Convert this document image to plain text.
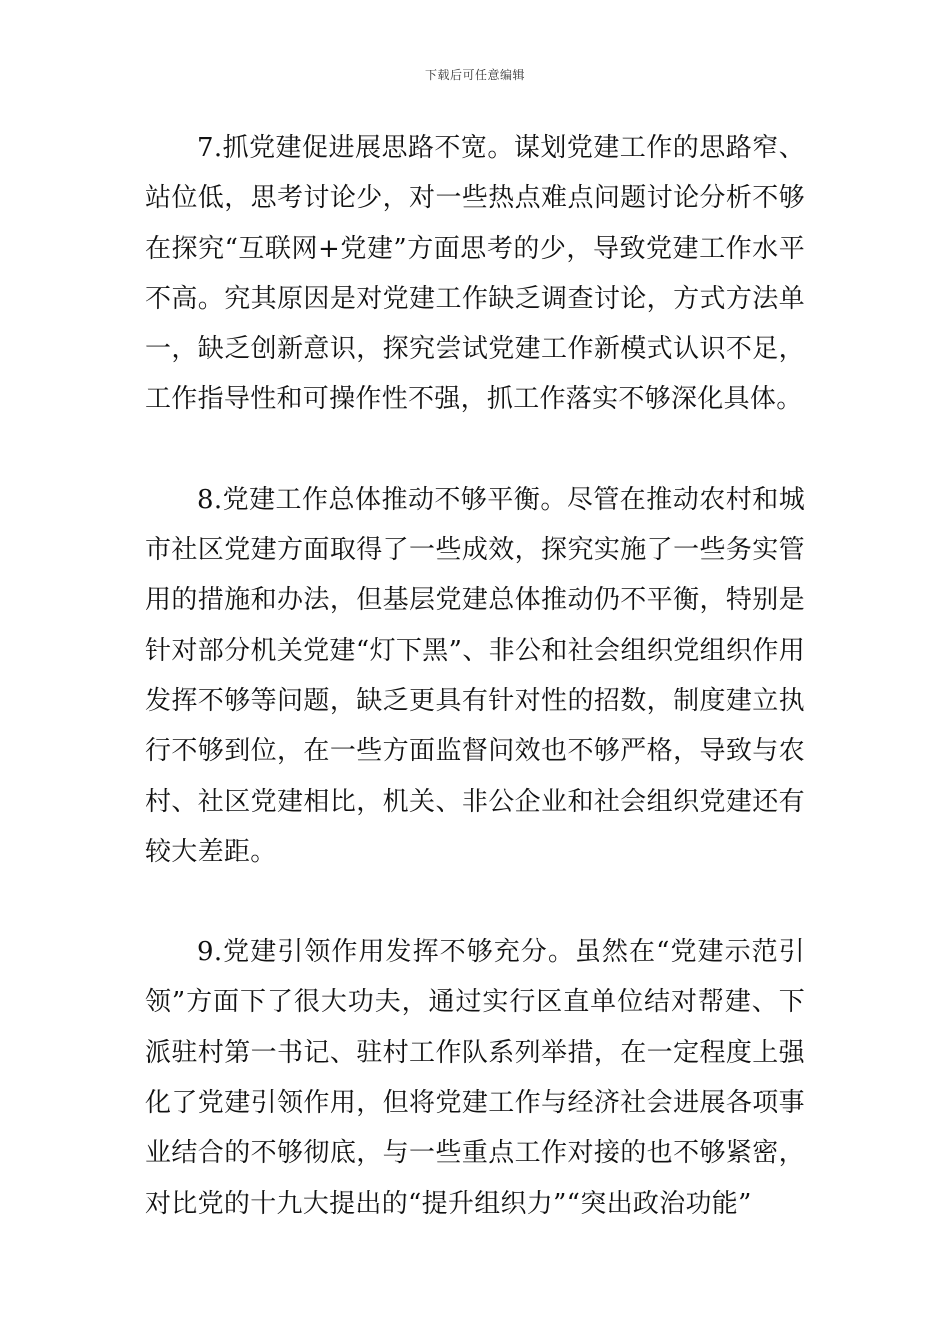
下载后可任意编辑

7.抓党建促进展思路不宽。谋划党建工作的思路窄、站位低，思考讨论少，对一些热点难点问题讨论分析不够在探究“互联网+党建”方面思考的少，导致党建工作水平不高。究其原因是对党建工作缺乏调查讨论，方式方法单一，缺乏创新意识，探究尝试党建工作新模式认识不足，工作指导性和可操作性不强，抓工作落实不够深化具体。

8.党建工作总体推动不够平衡。尽管在推动农村和城市社区党建方面取得了一些成效，探究实施了一些务实管用的措施和办法，但基层党建总体推动仍不平衡，特别是针对部分机关党建“灯下黑”、非公和社会组织党组织作用发挥不够等问题，缺乏更具有针对性的招数，制度建立执行不够到位，在一些方面监督问效也不够严格，导致与农村、社区党建相比，机关、非公企业和社会组织党建还有较大差距。

9.党建引领作用发挥不够充分。虽然在“党建示范引领”方面下了很大功夫，通过实行区直单位结对帮建、下派驻村第一书记、驻村工作队系列举措，在一定程度上强化了党建引领作用，但将党建工作与经济社会进展各项事业结合的不够彻底，与一些重点工作对接的也不够紧密，对比党的十九大提出的“提升组织力”“突出政治功能”
